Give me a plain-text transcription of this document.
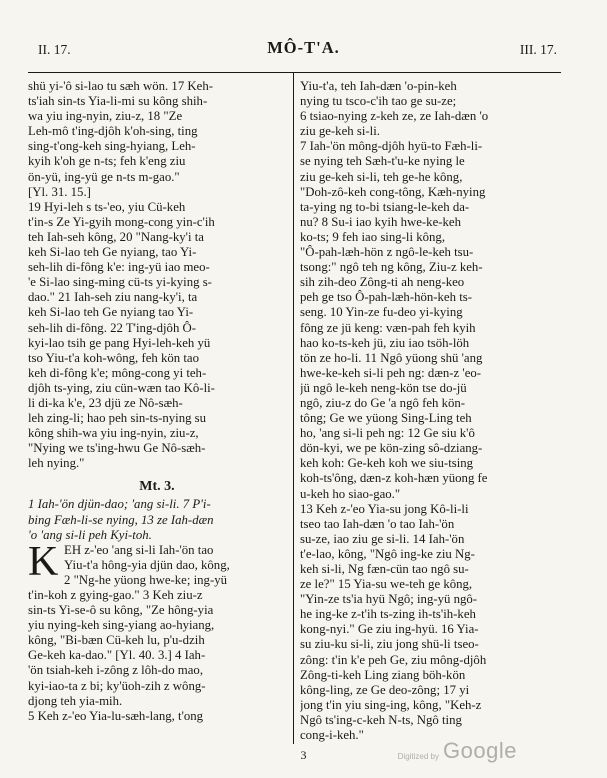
II. 17.	MÔ-T'A.	III. 17.
shü yi-'ô si-lao tu sæh wön. 17 Keh-
ts'iah sin-ts Yia-li-mi su kông shih-
wa yiu ing-nyin, ziu-z, 18 "Ze
Leh-mô t'ing-djôh k'oh-sing, ting
sing-t'ong-keh sing-hyiang, Leh-
kyih k'oh ge n-ts; feh k'eng ziu
ön-yü, ing-yü ge n-ts m-gao."
[Yl. 31. 15.]
19 Hyi-leh s ts-'eo, yiu Cü-keh
t'in-s Ze Yi-gyih mong-cong yin-c'ih
teh Iah-seh kông, 20 "Nang-ky'i ta
keh Si-lao teh Ge nyiang, tao Yi-
seh-lih di-fông k'e: ing-yü iao meo-
'e Si-lao sing-ming cü-ts yi-kying s-
dao." 21 Iah-seh ziu nang-ky'i, ta
keh Si-lao teh Ge nyiang tao Yi-
seh-lih di-fông. 22 T'ing-djôh Ô-
kyi-lao tsih ge pang Hyi-leh-keh yü
tso Yiu-t'a koh-wông, feh kön tao
keh di-fông k'e; mông-cong yi teh-
djôh ts-ying, ziu cün-wæn tao Kô-li-
li di-ka k'e, 23 djü ze Nô-sæh-
leh zing-li; hao peh sin-ts-nying su
kông shih-wa yiu ing-nyin, ziu-z,
"Nying we ts'ing-hwu Ge Nô-sæh-
leh nying."
Mt. 3.
1 Iah-'ön djün-dao; 'ang si-li. 7 P'i-
bing Fæh-li-se nying, 13 ze Iah-dæn
'o 'ang si-li peh Kyi-toh.
K EH z-'eo 'ang si-li Iah-'ön tao
Yiu-t'a hông-yia djün dao, kông,
2 "Ng-he yüong hwe-ke; ing-yü
t'in-koh z gying-gao." 3 Keh ziu-z
sin-ts Yi-se-ô su kông, "Ze hông-yia
yiu nying-keh sing-yiang ao-hyiang,
kông, "Bi-bæn Cü-keh lu, p'u-dzih
Ge-keh ka-dao." [Yl. 40. 3.] 4 Iah-
'ön tsiah-keh i-zông z lôh-do mao,
kyi-iao-ta z bi; ky'üoh-zih z wông-
djong teh yia-mih.
5 Keh z-'eo Yia-lu-sæh-lang, t'ong
Yiu-t'a, teh Iah-dæn 'o-pin-keh
nying tu tsco-c'ih tao ge su-ze;
6 tsiao-nying z-keh ze, ze Iah-dæn 'o
ziu ge-keh si-li.
7 Iah-'ön mông-djôh hyü-to Fæh-li-
se nying teh Sæh-t'u-ke nying le
ziu ge-keh si-li, teh ge-he kông,
"Doh-zô-keh cong-tông, Kæh-nying
ta-ying ng to-bi tsiang-le-keh da-
nu? 8 Su-i iao kyih hwe-ke-keh
ko-ts; 9 feh iao sing-li kông,
"Ô-pah-læh-hön z ngô-le-keh tsu-
tsong:" ngô teh ng kông, Ziu-z keh-
sih zih-deo Zông-ti ah neng-keo
peh ge tso Ô-pah-læh-hön-keh ts-
seng. 10 Yin-ze fu-deo yi-kying
fông ze jü keng: væn-pah feh kyih
hao ko-ts-keh jü, ziu iao tsöh-löh
tön ze ho-li. 11 Ngô yüong shü 'ang
hwe-ke-keh si-li peh ng: dæn-z 'eo-
jü ngô le-keh neng-kön tse do-jü
ngô, ziu-z do Ge 'a ngô feh kön-
tông; Ge we yüong Sing-Ling teh
ho, 'ang si-li peh ng: 12 Ge siu k'ô
dön-kyi, we pe kön-zing sô-dziang-
keh koh: Ge-keh koh we siu-tsing
koh-ts'ông, dæn-z koh-hæn yüong fe
u-keh ho siao-gao."
13 Keh z-'eo Yia-su jong Kô-li-li
tseo tao Iah-dæn 'o tao Iah-'ön
su-ze, iao ziu ge si-li. 14 Iah-'ön
t'e-lao, kông, "Ngô ing-ke ziu Ng-
keh si-li, Ng fæn-cün tao ngô su-
ze le?" 15 Yia-su we-teh ge kông,
"Yin-ze ts'ia hyü Ngô; ing-yü ngô-
he ing-ke z-t'ih ts-zing ih-ts'ih-keh
kong-nyi." Ge ziu ing-hyü. 16 Yia-
su ziu-ku si-li, ziu jong shü-li tseo-
zông: t'in k'e peh Ge, ziu mông-djôh
Zông-ti-keh Ling ziang böh-kön
kông-ling, ze Ge deo-zông; 17 yi
jong t'in yiu sing-ing, kông, "Keh-z
Ngô ts'ing-c-keh N-ts, Ngô ting
cong-i-keh."
3	Digitized by Google
